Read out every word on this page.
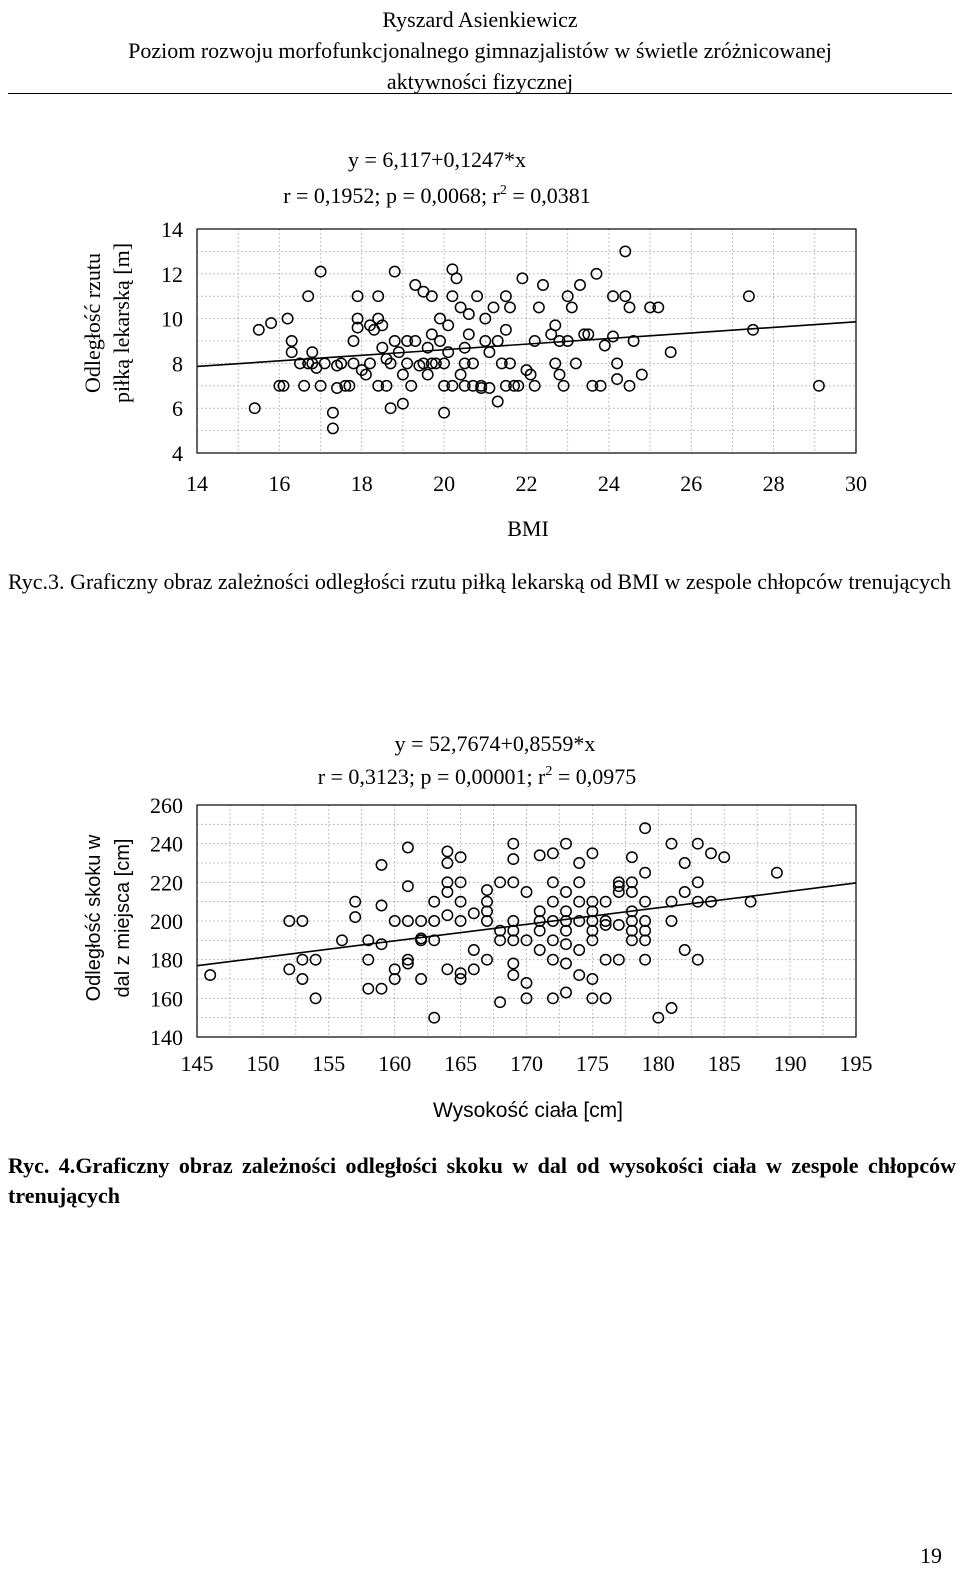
Ryszard Asienkiewicz
Poziom rozwoju morfofunkcjonalnego gimnazjalistów w świetle zróżnicowanej
aktywności fizycznej
14	16	18	20	22	24	26	28	30
4
6
8
10
12
14
y = 6,117+0,1247*x
r = 0,1952; p = 0,0068; $r^2 = 0,0381$
BMI
Odległość rzutu piłką lekarską [m]
Ryc.3. Graficzny obraz zależności odległości rzutu piłką lekarską od BMI w zespole chłopców trenujących
145 150 155 160 165 170 175 180 185 190 195
140
160
180
200
220
240
260
y = 52,7674+0,8559*x
r = 0,3123; p = 0,00001; $r^2 = 0,0975$
Wysokość ciała [cm]
Odległość skoku w dal z miejsca [cm]
Ryc. 4.Graficzny obraz zależności odległości skoku w dal od wysokości ciała w zespole chłopców trenujących
19
